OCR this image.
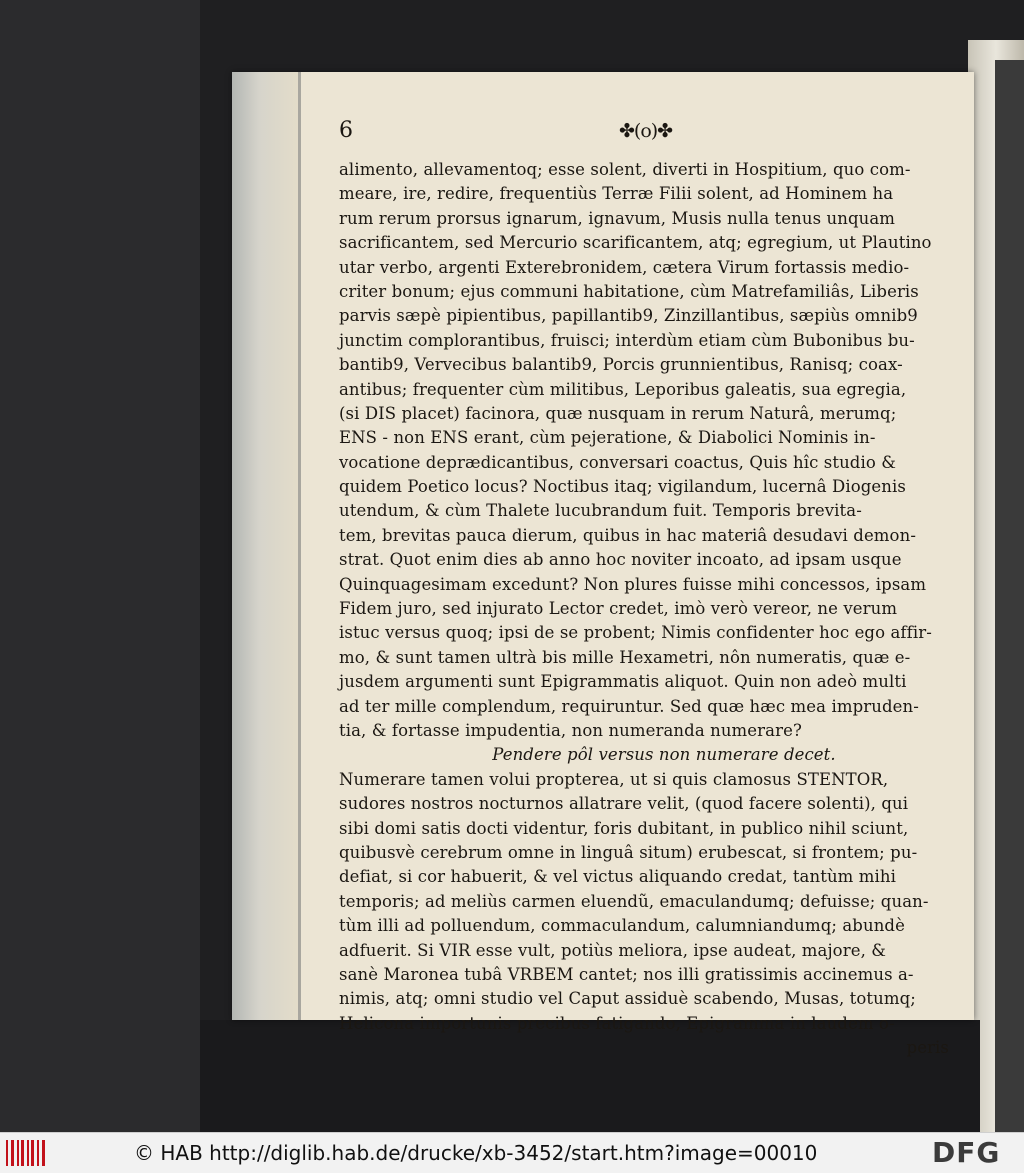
6	✤(o)✤
alimento, allevamentoq; esse solent, diverti in Hospitium, quo com-
meare, ire, redire, frequentiùs Terræ Filii solent, ad Hominem ha
rum rerum prorsus ignarum, ignavum, Musis nulla tenus unquam
sacrificantem, sed Mercurio scarificantem, atq; egregium, ut Plautino
utar verbo, argenti Exterebronidem, cætera Virum fortassis medio-
criter bonum; ejus communi habitatione, cùm Matrefamiliâs, Liberis
parvis sæpè pipientibus, papillantib9, Zinzillantibus, sæpiùs omnib9
junctim complorantibus, fruisci; interdùm etiam cùm Bubonibus bu-
bantib9, Vervecibus balantib9, Porcis grunnientibus, Ranisq; coax-
antibus; frequenter cùm militibus, Leporibus galeatis, sua egregia,
(si DIS placet) facinora, quæ nusquam in rerum Naturâ, merumq;
ENS - non ENS erant, cùm pejeratione, & Diabolici Nominis in-
vocatione deprædicantibus, conversari coactus, Quis hîc studio &
quidem Poetico locus? Noctibus itaq; vigilandum, lucernâ Diogenis
utendum, & cùm Thalete lucubrandum fuit. Temporis brevita-
tem, brevitas pauca dierum, quibus in hac materiâ desudavi demon-
strat. Quot enim dies ab anno hoc noviter incoato, ad ipsam usque
Quinquagesimam excedunt? Non plures fuisse mihi concessos, ipsam
Fidem juro, sed injurato Lector credet, imò verò vereor, ne verum
istuc versus quoq; ipsi de se probent; Nimis confidenter hoc ego affir-
mo, & sunt tamen ultrà bis mille Hexametri, nôn numeratis, quæ e-
jusdem argumenti sunt Epigrammatis aliquot. Quin non adeò multi
ad ter mille complendum, requiruntur. Sed quæ hæc mea impruden-
tia, & fortasse impudentia, non numeranda numerare?
Pendere pôl versus non numerare decet.
Numerare tamen volui propterea, ut si quis clamosus STENTOR,
sudores nostros nocturnos allatrare velit, (quod facere solenti), qui
sibi domi satis docti videntur, foris dubitant, in publico nihil sciunt,
quibusvè cerebrum omne in linguâ situm) erubescat, si frontem; pu-
defiat, si cor habuerit, & vel victus aliquando credat, tantùm mihi
temporis; ad meliùs carmen eluendũ, emaculandumq; defuisse; quan-
tùm illi ad polluendum, commaculandum, calumniandumq; abundè
adfuerit. Si VIR esse vult, potiùs meliora, ipse audeat, majore, &
sanè Maronea tubâ VRBEM cantet; nos illi gratissimis accinemus a-
nimis, atq; omni studio vel Caput assiduè scabendo, Musas, totumq;
Helicona importunis precibus fatigando, Epigramma in laudem o-
peris
© HAB http://diglib.hab.de/drucke/xb-3452/start.htm?image=00010	DFG
